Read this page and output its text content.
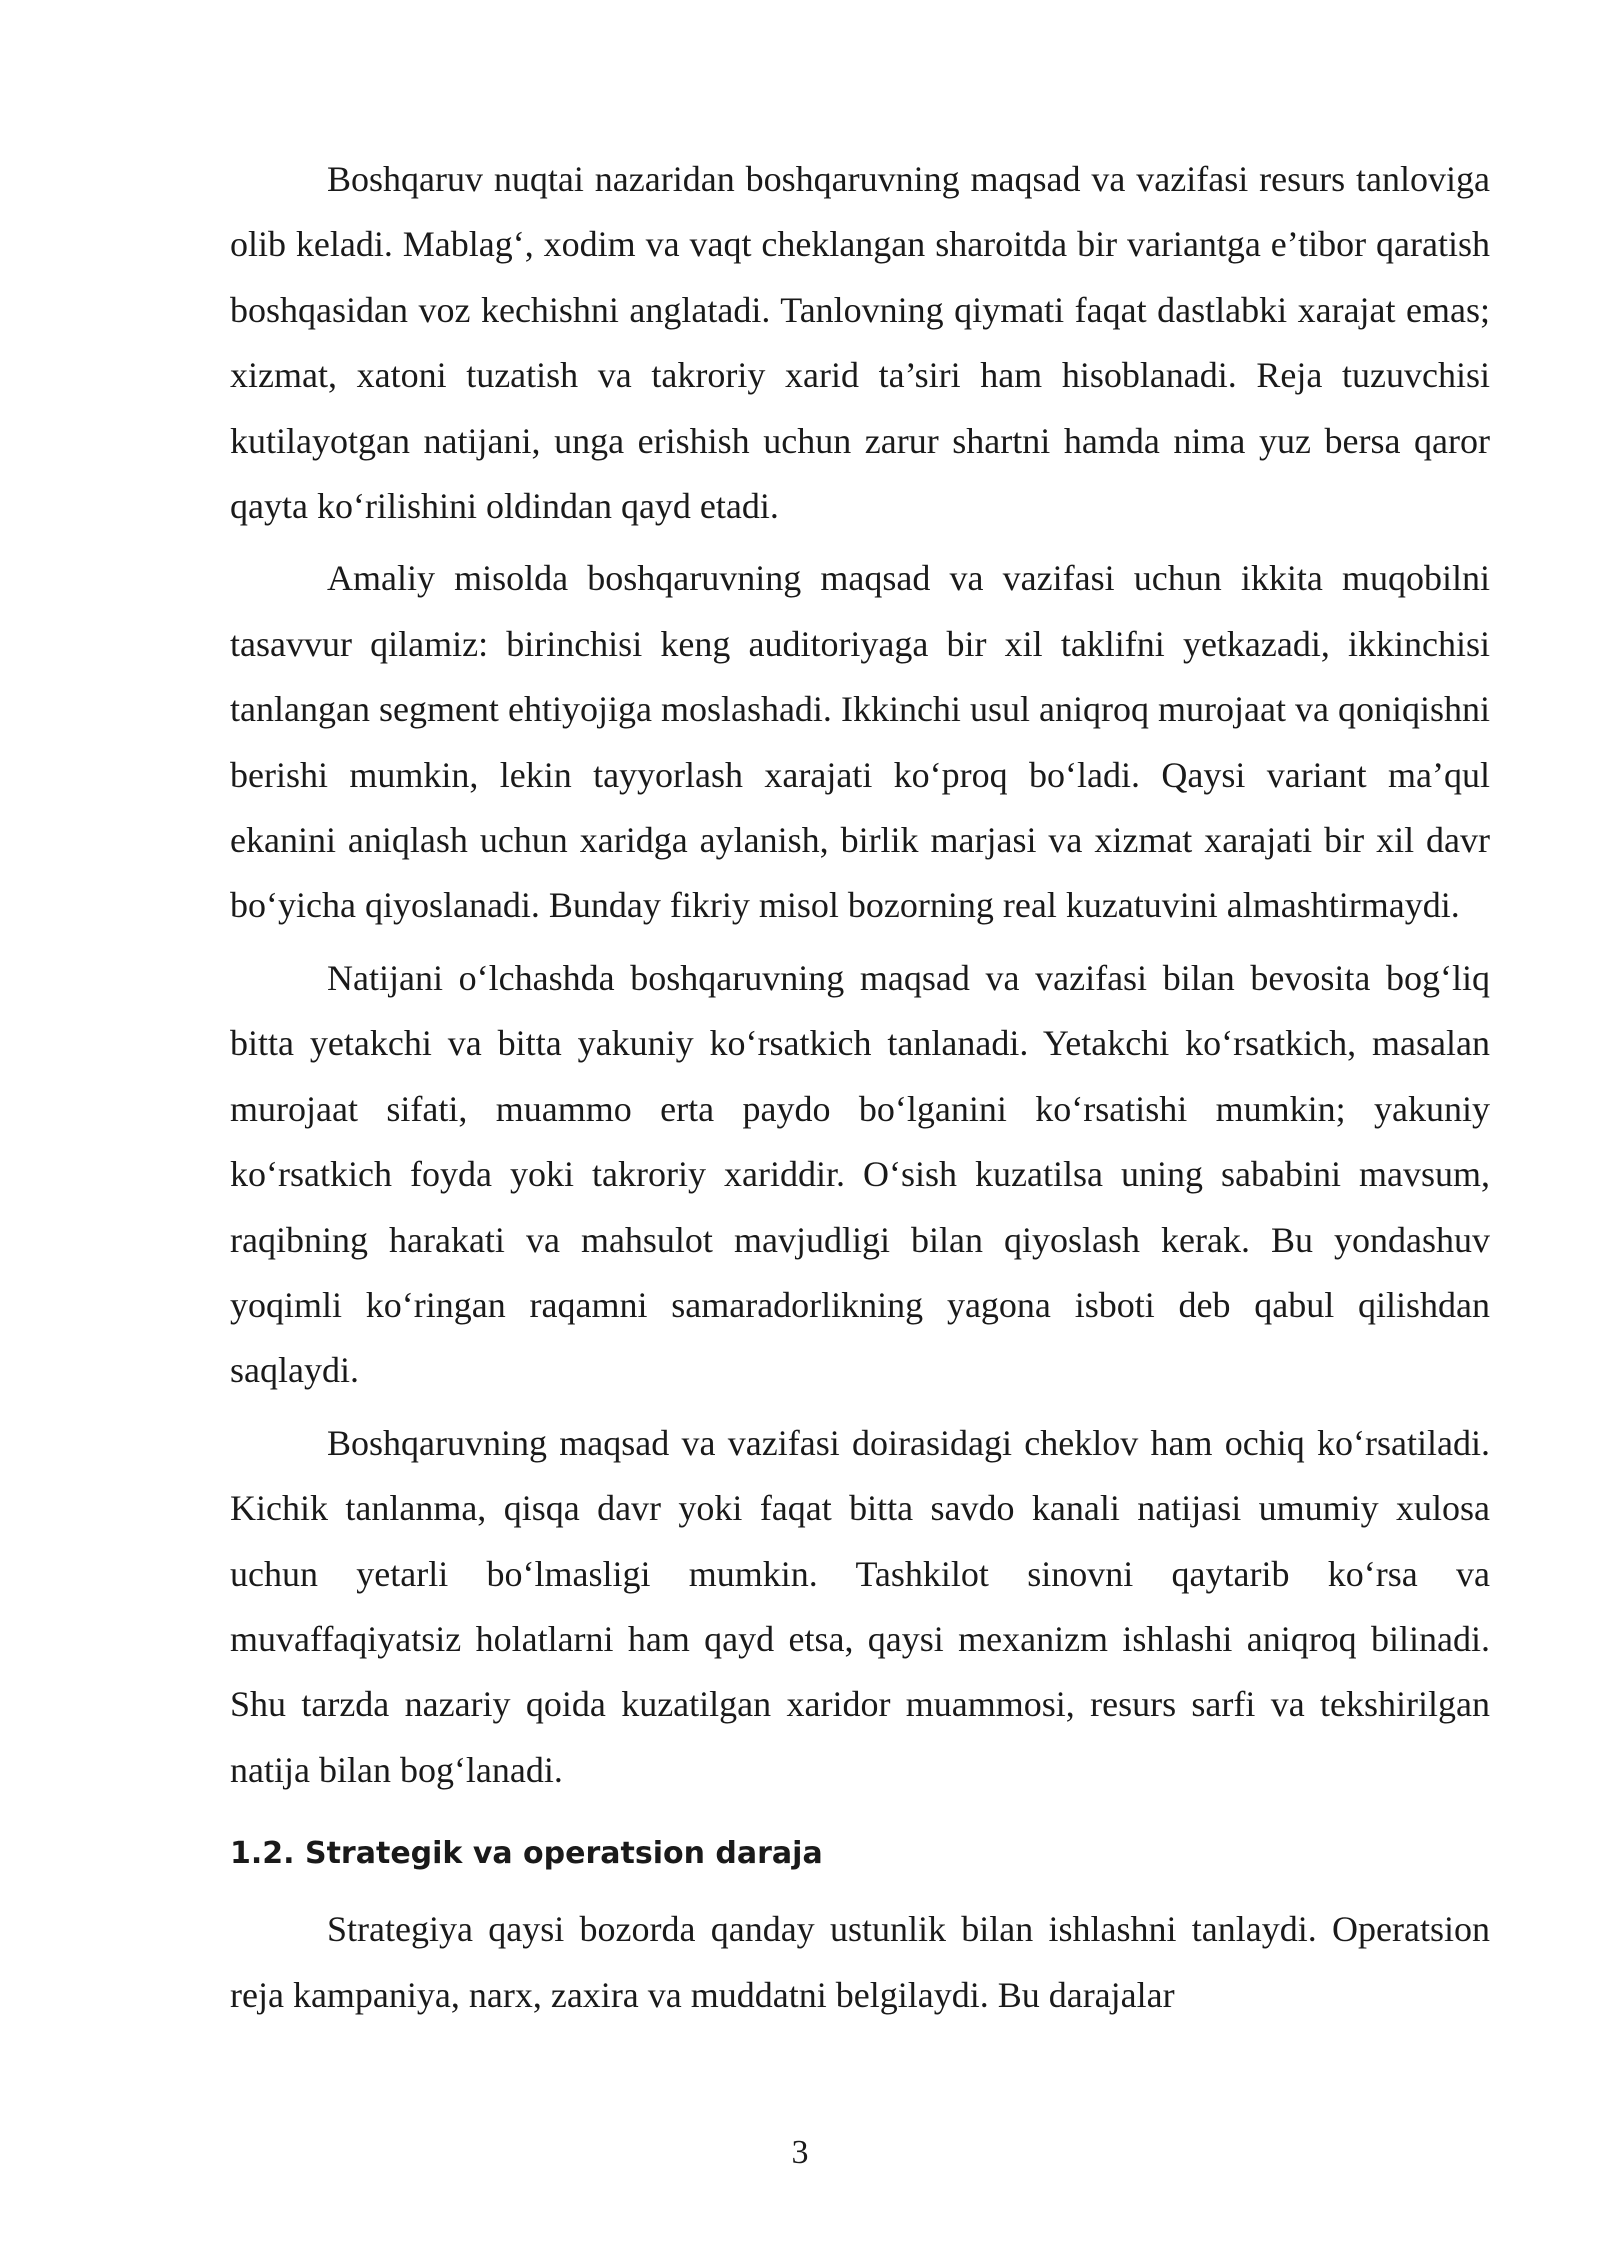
Boshqaruv nuqtai nazaridan boshqaruvning maqsad va vazifasi resurs tanloviga olib keladi. Mablag‘, xodim va vaqt cheklangan sharoitda bir variantga e’tibor qaratish boshqasidan voz kechishni anglatadi. Tanlovning qiymati faqat dastlabki xarajat emas; xizmat, xatoni tuzatish va takroriy xarid ta’siri ham hisoblanadi. Reja tuzuvchisi kutilayotgan natijani, unga erishish uchun zarur shartni hamda nima yuz bersa qaror qayta ko‘rilishini oldindan qayd etadi.

Amaliy misolda boshqaruvning maqsad va vazifasi uchun ikkita muqobilni tasavvur qilamiz: birinchisi keng auditoriyaga bir xil taklifni yetkazadi, ikkinchisi tanlangan segment ehtiyojiga moslashadi. Ikkinchi usul aniqroq murojaat va qoniqishni berishi mumkin, lekin tayyorlash xarajati ko‘proq bo‘ladi. Qaysi variant ma’qul ekanini aniqlash uchun xaridga aylanish, birlik marjasi va xizmat xarajati bir xil davr bo‘yicha qiyoslanadi. Bunday fikriy misol bozorning real kuzatuvini almashtirmaydi.

Natijani o‘lchashda boshqaruvning maqsad va vazifasi bilan bevosita bog‘liq bitta yetakchi va bitta yakuniy ko‘rsatkich tanlanadi. Yetakchi ko‘rsatkich, masalan murojaat sifati, muammo erta paydo bo‘lganini ko‘rsatishi mumkin; yakuniy ko‘rsatkich foyda yoki takroriy xariddir. O‘sish kuzatilsa uning sababini mavsum, raqibning harakati va mahsulot mavjudligi bilan qiyoslash kerak. Bu yondashuv yoqimli ko‘ringan raqamni samaradorlikning yagona isboti deb qabul qilishdan saqlaydi.

Boshqaruvning maqsad va vazifasi doirasidagi cheklov ham ochiq ko‘rsatiladi. Kichik tanlanma, qisqa davr yoki faqat bitta savdo kanali natijasi umumiy xulosa uchun yetarli bo‘lmasligi mumkin. Tashkilot sinovni qaytarib ko‘rsa va muvaffaqiyatsiz holatlarni ham qayd etsa, qaysi mexanizm ishlashi aniqroq bilinadi. Shu tarzda nazariy qoida kuzatilgan xaridor muammosi, resurs sarfi va tekshirilgan natija bilan bog‘lanadi.

1.2. Strategik va operatsion daraja

Strategiya qaysi bozorda qanday ustunlik bilan ishlashni tanlaydi. Operatsion reja kampaniya, narx, zaxira va muddatni belgilaydi. Bu darajalar

3
